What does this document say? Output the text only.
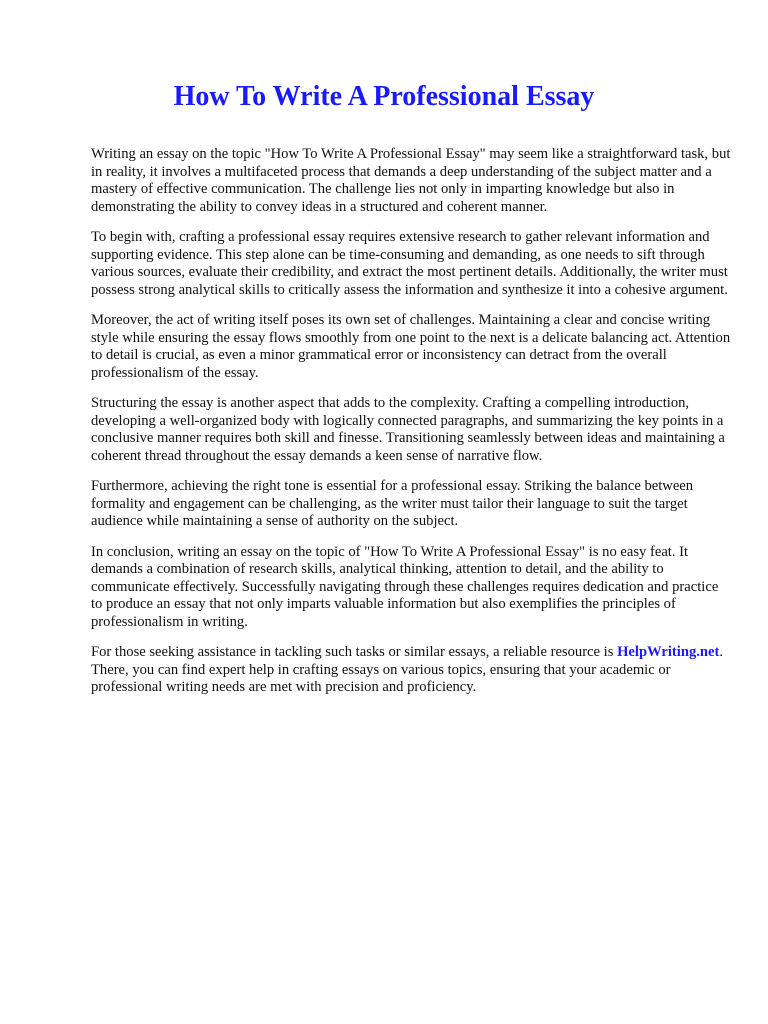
How To Write A Professional Essay

Writing an essay on the topic "How To Write A Professional Essay" may seem like a straightforward task, but in reality, it involves a multifaceted process that demands a deep understanding of the subject matter and a mastery of effective communication. The challenge lies not only in imparting knowledge but also in demonstrating the ability to convey ideas in a structured and coherent manner.

To begin with, crafting a professional essay requires extensive research to gather relevant information and supporting evidence. This step alone can be time-consuming and demanding, as one needs to sift through various sources, evaluate their credibility, and extract the most pertinent details. Additionally, the writer must possess strong analytical skills to critically assess the information and synthesize it into a cohesive argument.

Moreover, the act of writing itself poses its own set of challenges. Maintaining a clear and concise writing style while ensuring the essay flows smoothly from one point to the next is a delicate balancing act. Attention to detail is crucial, as even a minor grammatical error or inconsistency can detract from the overall professionalism of the essay.

Structuring the essay is another aspect that adds to the complexity. Crafting a compelling introduction, developing a well-organized body with logically connected paragraphs, and summarizing the key points in a conclusive manner requires both skill and finesse. Transitioning seamlessly between ideas and maintaining a coherent thread throughout the essay demands a keen sense of narrative flow.

Furthermore, achieving the right tone is essential for a professional essay. Striking the balance between formality and engagement can be challenging, as the writer must tailor their language to suit the target audience while maintaining a sense of authority on the subject.

In conclusion, writing an essay on the topic of "How To Write A Professional Essay" is no easy feat. It demands a combination of research skills, analytical thinking, attention to detail, and the ability to communicate effectively. Successfully navigating through these challenges requires dedication and practice to produce an essay that not only imparts valuable information but also exemplifies the principles of professionalism in writing.

For those seeking assistance in tackling such tasks or similar essays, a reliable resource is HelpWriting.net. There, you can find expert help in crafting essays on various topics, ensuring that your academic or professional writing needs are met with precision and proficiency.
